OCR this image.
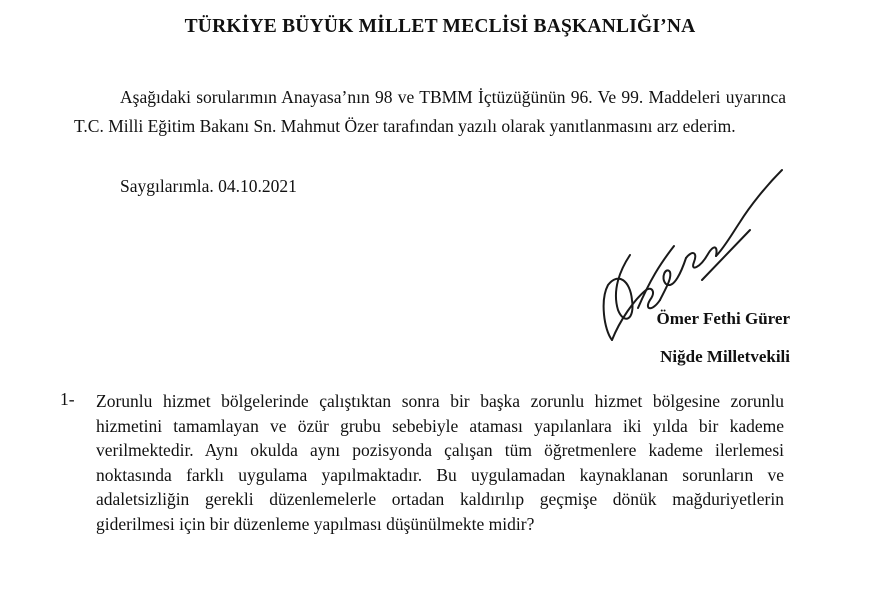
TÜRKİYE BÜYÜK MİLLET MECLİSİ BAŞKANLIĞI’NA
Aşağıdaki sorularımın Anayasa’nın 98 ve TBMM İçtüzüğünün 96. Ve 99. Maddeleri uyarınca T.C. Milli Eğitim Bakanı Sn. Mahmut Özer tarafından yazılı olarak yanıtlanmasını arz ederim.
Saygılarımla. 04.10.2021
Ömer Fethi Gürer
Niğde Milletvekili
1- Zorunlu hizmet bölgelerinde çalıştıktan sonra bir başka zorunlu hizmet bölgesine zorunlu hizmetini tamamlayan ve özür grubu sebebiyle ataması yapılanlara iki yılda bir kademe verilmektedir. Aynı okulda aynı pozisyonda çalışan tüm öğretmenlere kademe ilerlemesi noktasında farklı uygulama yapılmaktadır. Bu uygulamadan kaynaklanan sorunların ve adaletsizliğin gerekli düzenlemelerle ortadan kaldırılıp geçmişe dönük mağduriyetlerin giderilmesi için bir düzenleme yapılması düşünülmekte midir?
